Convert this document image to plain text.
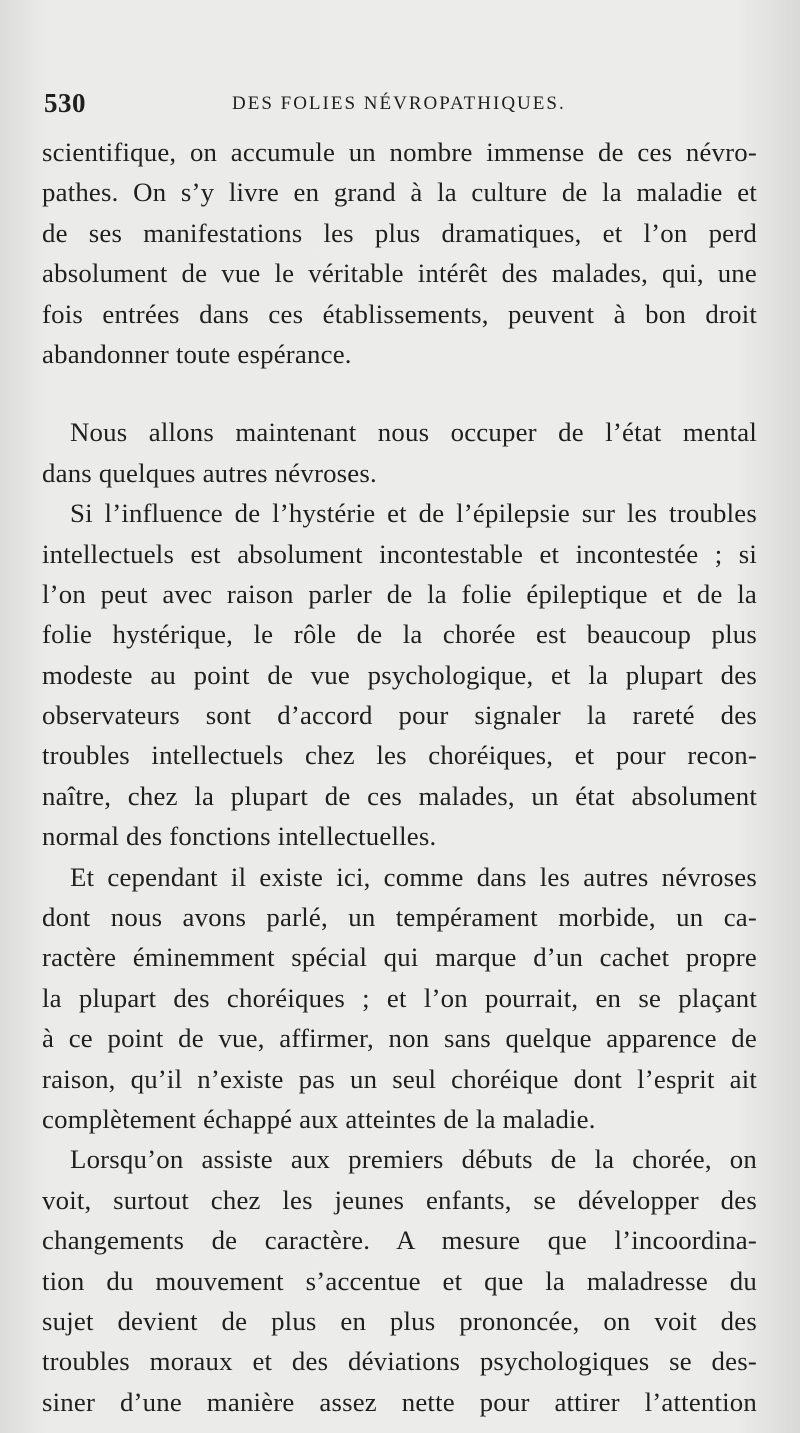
530	DES FOLIES NÉVROPATHIQUES.
scientifique, on accumule un nombre immense de ces névro-
pathes. On s’y livre en grand à la culture de la maladie et
de ses manifestations les plus dramatiques, et l’on perd
absolument de vue le véritable intérêt des malades, qui, une
fois entrées dans ces établissements, peuvent à bon droit
abandonner toute espérance.
Nous allons maintenant nous occuper de l’état mental
dans quelques autres névroses.
Si l’influence de l’hystérie et de l’épilepsie sur les troubles
intellectuels est absolument incontestable et incontestée ; si
l’on peut avec raison parler de la folie épileptique et de la
folie hystérique, le rôle de la chorée est beaucoup plus
modeste au point de vue psychologique, et la plupart des
observateurs sont d’accord pour signaler la rareté des
troubles intellectuels chez les choréiques, et pour recon-
naître, chez la plupart de ces malades, un état absolument
normal des fonctions intellectuelles.
Et cependant il existe ici, comme dans les autres névroses
dont nous avons parlé, un tempérament morbide, un ca-
ractère éminemment spécial qui marque d’un cachet propre
la plupart des choréiques ; et l’on pourrait, en se plaçant
à ce point de vue, affirmer, non sans quelque apparence de
raison, qu’il n’existe pas un seul choréique dont l’esprit ait
complètement échappé aux atteintes de la maladie.
Lorsqu’on assiste aux premiers débuts de la chorée, on
voit, surtout chez les jeunes enfants, se développer des
changements de caractère. A mesure que l’incoordina-
tion du mouvement s’accentue et que la maladresse du
sujet devient de plus en plus prononcée, on voit des
troubles moraux et des déviations psychologiques se des-
siner d’une manière assez nette pour attirer l’attention
